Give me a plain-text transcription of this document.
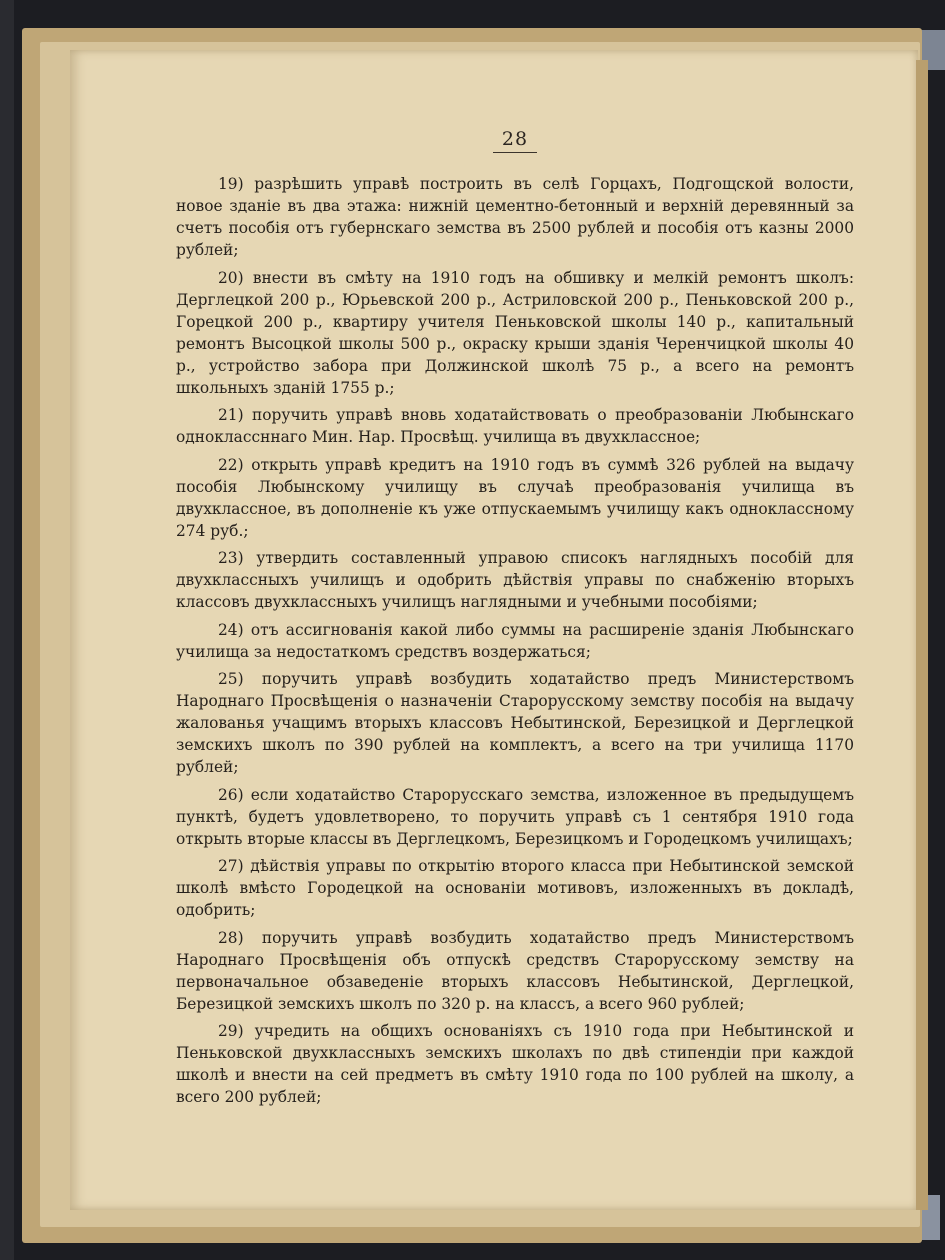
28

19) разрѣшить управѣ построить въ селѣ Горцахъ, Подгощской волости, новое зданіе въ два этажа: нижній цементно-бетонный и верхній деревянный за счетъ пособія отъ губернскаго земства въ 2500 рублей и пособія отъ казны 2000 рублей;

20) внести въ смѣту на 1910 годъ на обшивку и мелкій ремонтъ школъ: Дерглецкой 200 р., Юрьевской 200 р., Астриловской 200 р., Пеньковской 200 р., Горецкой 200 р., квартиру учителя Пеньковской школы 140 р., капитальный ремонтъ Высоцкой школы 500 р., окраску крыши зданія Черенчицкой школы 40 р., устройство забора при Должинской школѣ 75 р., а всего на ремонтъ школьныхъ зданій 1755 р.;

21) поручить управѣ вновь ходатайствовать о преобразованіи Любынскаго одноклассннаго Мин. Нар. Просвѣщ. училища въ двухклассное;

22) открыть управѣ кредитъ на 1910 годъ въ суммѣ 326 рублей на выдачу пособія Любынскому училищу въ случаѣ преобразованія училища въ двухклассное, въ дополненіе къ уже отпускаемымъ училищу какъ одноклассному 274 руб.;

23) утвердить составленный управою списокъ наглядныхъ пособій для двухклассныхъ училищъ и одобрить дѣйствія управы по снабженію вторыхъ классовъ двухклассныхъ училищъ наглядными и учебными пособіями;

24) отъ ассигнованія какой либо суммы на расширеніе зданія Любынскаго училища за недостаткомъ средствъ воздержаться;

25) поручить управѣ возбудить ходатайство предъ Министерствомъ Народнаго Просвѣщенія о назначеніи Старорусскому земству пособія на выдачу жалованья учащимъ вторыхъ классовъ Небытинской, Березицкой и Дерглецкой земскихъ школъ по 390 рублей на комплектъ, а всего на три училища 1170 рублей;

26) если ходатайство Старорусскаго земства, изложенное въ предыдущемъ пунктѣ, будетъ удовлетворено, то поручить управѣ съ 1 сентября 1910 года открыть вторые классы въ Дерглецкомъ, Березицкомъ и Городецкомъ училищахъ;

27) дѣйствія управы по открытію второго класса при Небытинской земской школѣ вмѣсто Городецкой на основаніи мотивовъ, изложенныхъ въ докладѣ, одобрить;

28) поручить управѣ возбудить ходатайство предъ Министерствомъ Народнаго Просвѣщенія объ отпускѣ средствъ Старорусскому земству на первоначальное обзаведеніе вторыхъ классовъ Небытинской, Дерглецкой, Березицкой земскихъ школъ по 320 р. на классъ, а всего 960 рублей;

29) учредить на общихъ основаніяхъ съ 1910 года при Небытинской и Пеньковской двухклассныхъ земскихъ школахъ по двѣ стипендіи при каждой школѣ и внести на сей предметъ въ смѣту 1910 года по 100 рублей на школу, а всего 200 рублей;
